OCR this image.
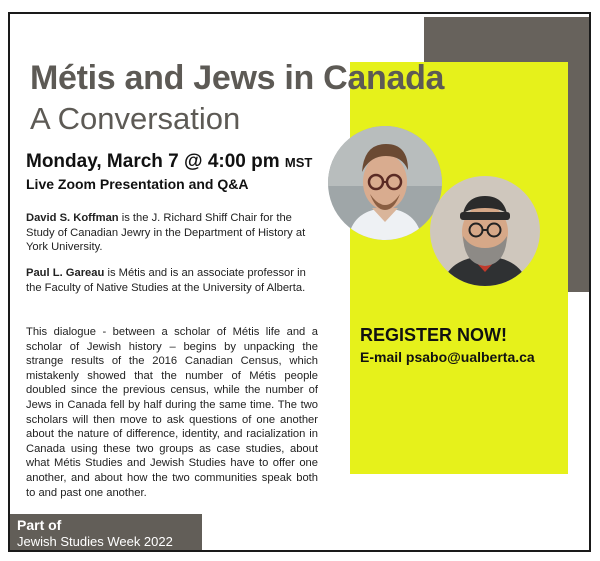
Métis and Jews in Canada
A Conversation

Monday, March 7 @ 4:00 pm MST

Live Zoom Presentation and Q&A

David S. Koffman is the J. Richard Shiff Chair for the Study of Canadian Jewry in the Department of History at York University.

Paul L. Gareau is Métis and is an associate professor in the Faculty of Native Studies at the University of Alberta.

This dialogue - between a scholar of Métis life and a scholar of Jewish history – begins by unpacking the strange results of the 2016 Canadian Census, which mistakenly showed that the number of Métis people doubled since the previous census, while the number of Jews in Canada fell by half during the same time. The two scholars will then move to ask questions of one another about the nature of difference, identity, and racialization in Canada using these two groups as case studies, about what Métis Studies and Jewish Studies have to offer one another, and about how the two communities speak both to and past one another.

REGISTER NOW!

E-mail psabo@ualberta.ca

Part of
Jewish Studies Week 2022
